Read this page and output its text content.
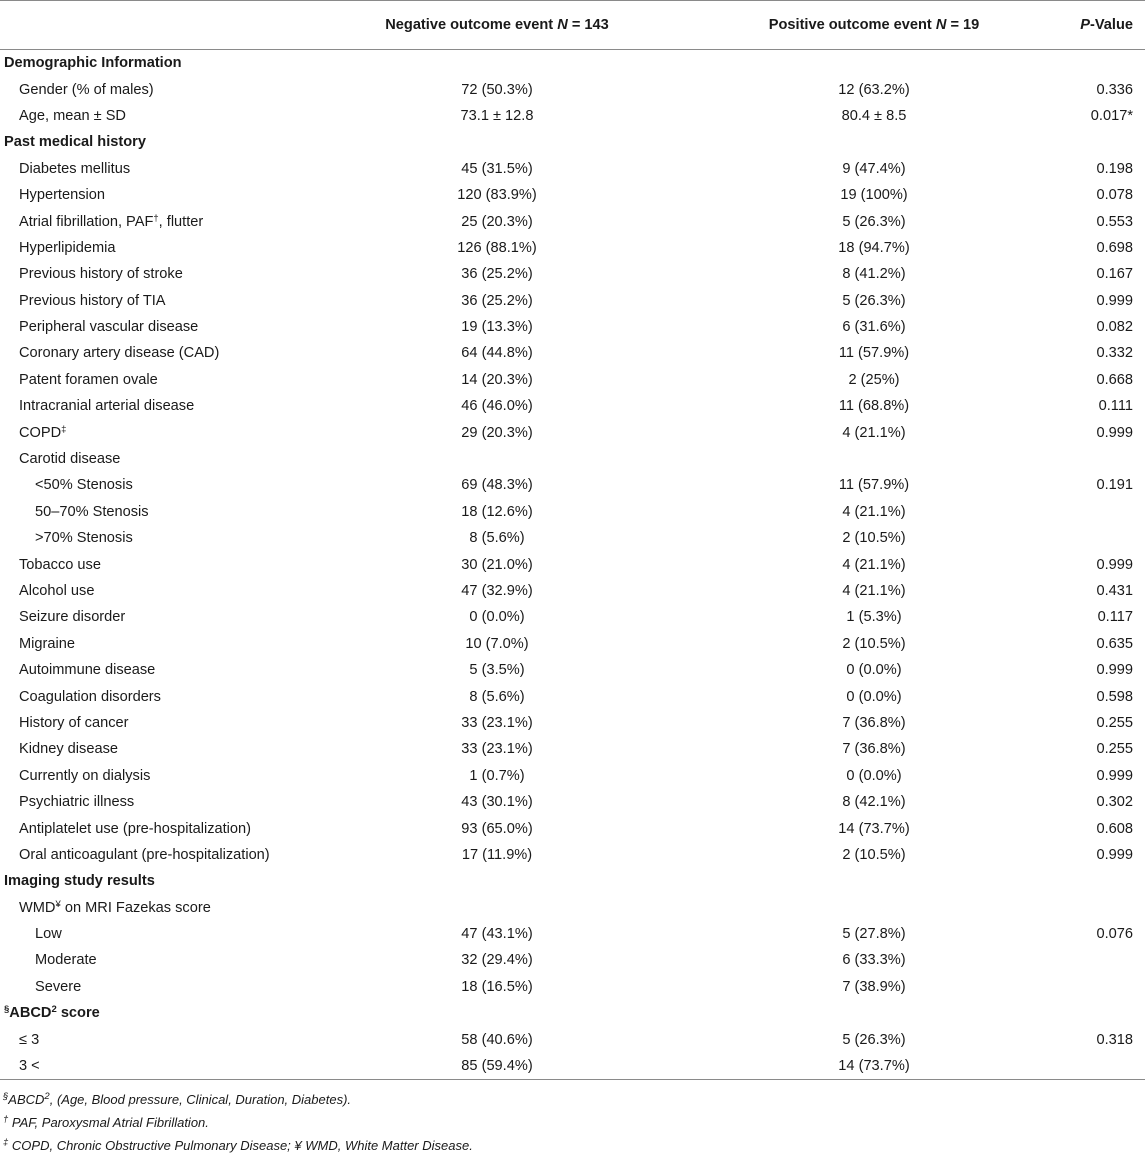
	Negative outcome event N = 143	Positive outcome event N = 19	P-Value
Demographic Information			
Gender (% of males)	72 (50.3%)	12 (63.2%)	0.336
Age, mean ± SD	73.1 ± 12.8	80.4 ± 8.5	0.017*
Past medical history			
Diabetes mellitus	45 (31.5%)	9 (47.4%)	0.198
Hypertension	120 (83.9%)	19 (100%)	0.078
Atrial fibrillation, PAF†, flutter	25 (20.3%)	5 (26.3%)	0.553
Hyperlipidemia	126 (88.1%)	18 (94.7%)	0.698
Previous history of stroke	36 (25.2%)	8 (41.2%)	0.167
Previous history of TIA	36 (25.2%)	5 (26.3%)	0.999
Peripheral vascular disease	19 (13.3%)	6 (31.6%)	0.082
Coronary artery disease (CAD)	64 (44.8%)	11 (57.9%)	0.332
Patent foramen ovale	14 (20.3%)	2 (25%)	0.668
Intracranial arterial disease	46 (46.0%)	11 (68.8%)	0.111
COPD‡	29 (20.3%)	4 (21.1%)	0.999
Carotid disease			
<50% Stenosis	69 (48.3%)	11 (57.9%)	0.191
50–70% Stenosis	18 (12.6%)	4 (21.1%)	
>70% Stenosis	8 (5.6%)	2 (10.5%)	
Tobacco use	30 (21.0%)	4 (21.1%)	0.999
Alcohol use	47 (32.9%)	4 (21.1%)	0.431
Seizure disorder	0 (0.0%)	1 (5.3%)	0.117
Migraine	10 (7.0%)	2 (10.5%)	0.635
Autoimmune disease	5 (3.5%)	0 (0.0%)	0.999
Coagulation disorders	8 (5.6%)	0 (0.0%)	0.598
History of cancer	33 (23.1%)	7 (36.8%)	0.255
Kidney disease	33 (23.1%)	7 (36.8%)	0.255
Currently on dialysis	1 (0.7%)	0 (0.0%)	0.999
Psychiatric illness	43 (30.1%)	8 (42.1%)	0.302
Antiplatelet use (pre-hospitalization)	93 (65.0%)	14 (73.7%)	0.608
Oral anticoagulant (pre-hospitalization)	17 (11.9%)	2 (10.5%)	0.999
Imaging study results			
WMD¥ on MRI Fazekas score			
Low	47 (43.1%)	5 (27.8%)	0.076
Moderate	32 (29.4%)	6 (33.3%)	
Severe	18 (16.5%)	7 (38.9%)	
§ABCD$^2$ score			
≤ 3	58 (40.6%)	5 (26.3%)	0.318
3 <	85 (59.4%)	14 (73.7%)	
§ABCD$^2$, (Age, Blood pressure, Clinical, Duration, Diabetes).
† PAF, Paroxysmal Atrial Fibrillation.
‡ COPD, Chronic Obstructive Pulmonary Disease; ¥ WMD, White Matter Disease.
